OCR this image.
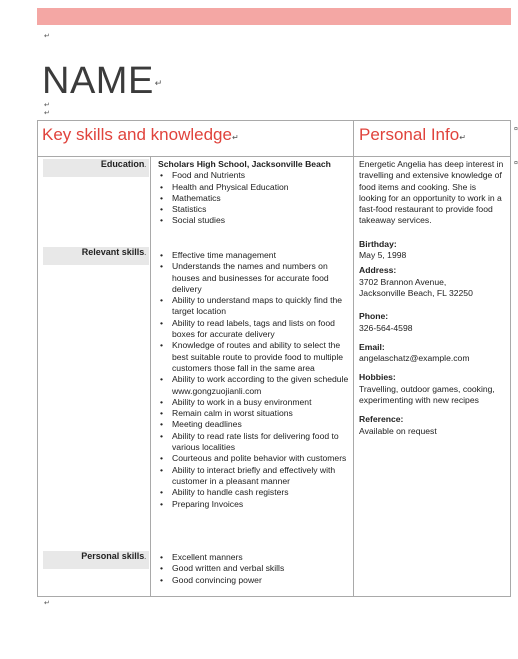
↵
NAME↵
↵
↵
Key skills and knowledge↵	Personal Info↵
Education.
Relevant skills.
Personal skills.
Scholars High School, Jacksonville Beach
• Food and Nutrients
• Health and Physical Education
• Mathematics
• Statistics
• Social studies
• Effective time management
• Understands the names and numbers on houses and businesses for accurate food delivery
• Ability to understand maps to quickly find the target location
• Ability to read labels, tags and lists on food boxes for accurate delivery
• Knowledge of routes and ability to select the best suitable route to provide food to multiple customers those fall in the same area
• Ability to work according to the given schedule www.gongzuojianli.com
• Ability to work in a busy environment
• Remain calm in worst situations
• Meeting deadlines
• Ability to read rate lists for delivering food to various localities
• Courteous and polite behavior with customers
• Ability to interact briefly and effectively with customer in a pleasant manner
• Ability to handle cash registers
• Preparing Invoices
• Excellent manners
• Good written and verbal skills
• Good convincing power
Energetic Angelia has deep interest in travelling and extensive knowledge of food items and cooking. She is looking for an opportunity to work in a fast-food restaurant to provide food takeaway services.
Birthday:
May 5, 1998
Address:
3702 Brannon Avenue,
Jacksonville Beach, FL 32250
Phone:
326-564-4598
Email:
angelaschatz@example.com
Hobbies:
Travelling, outdoor games, cooking, experimenting with new recipes
Reference:
Available on request
¤
¤
↵
